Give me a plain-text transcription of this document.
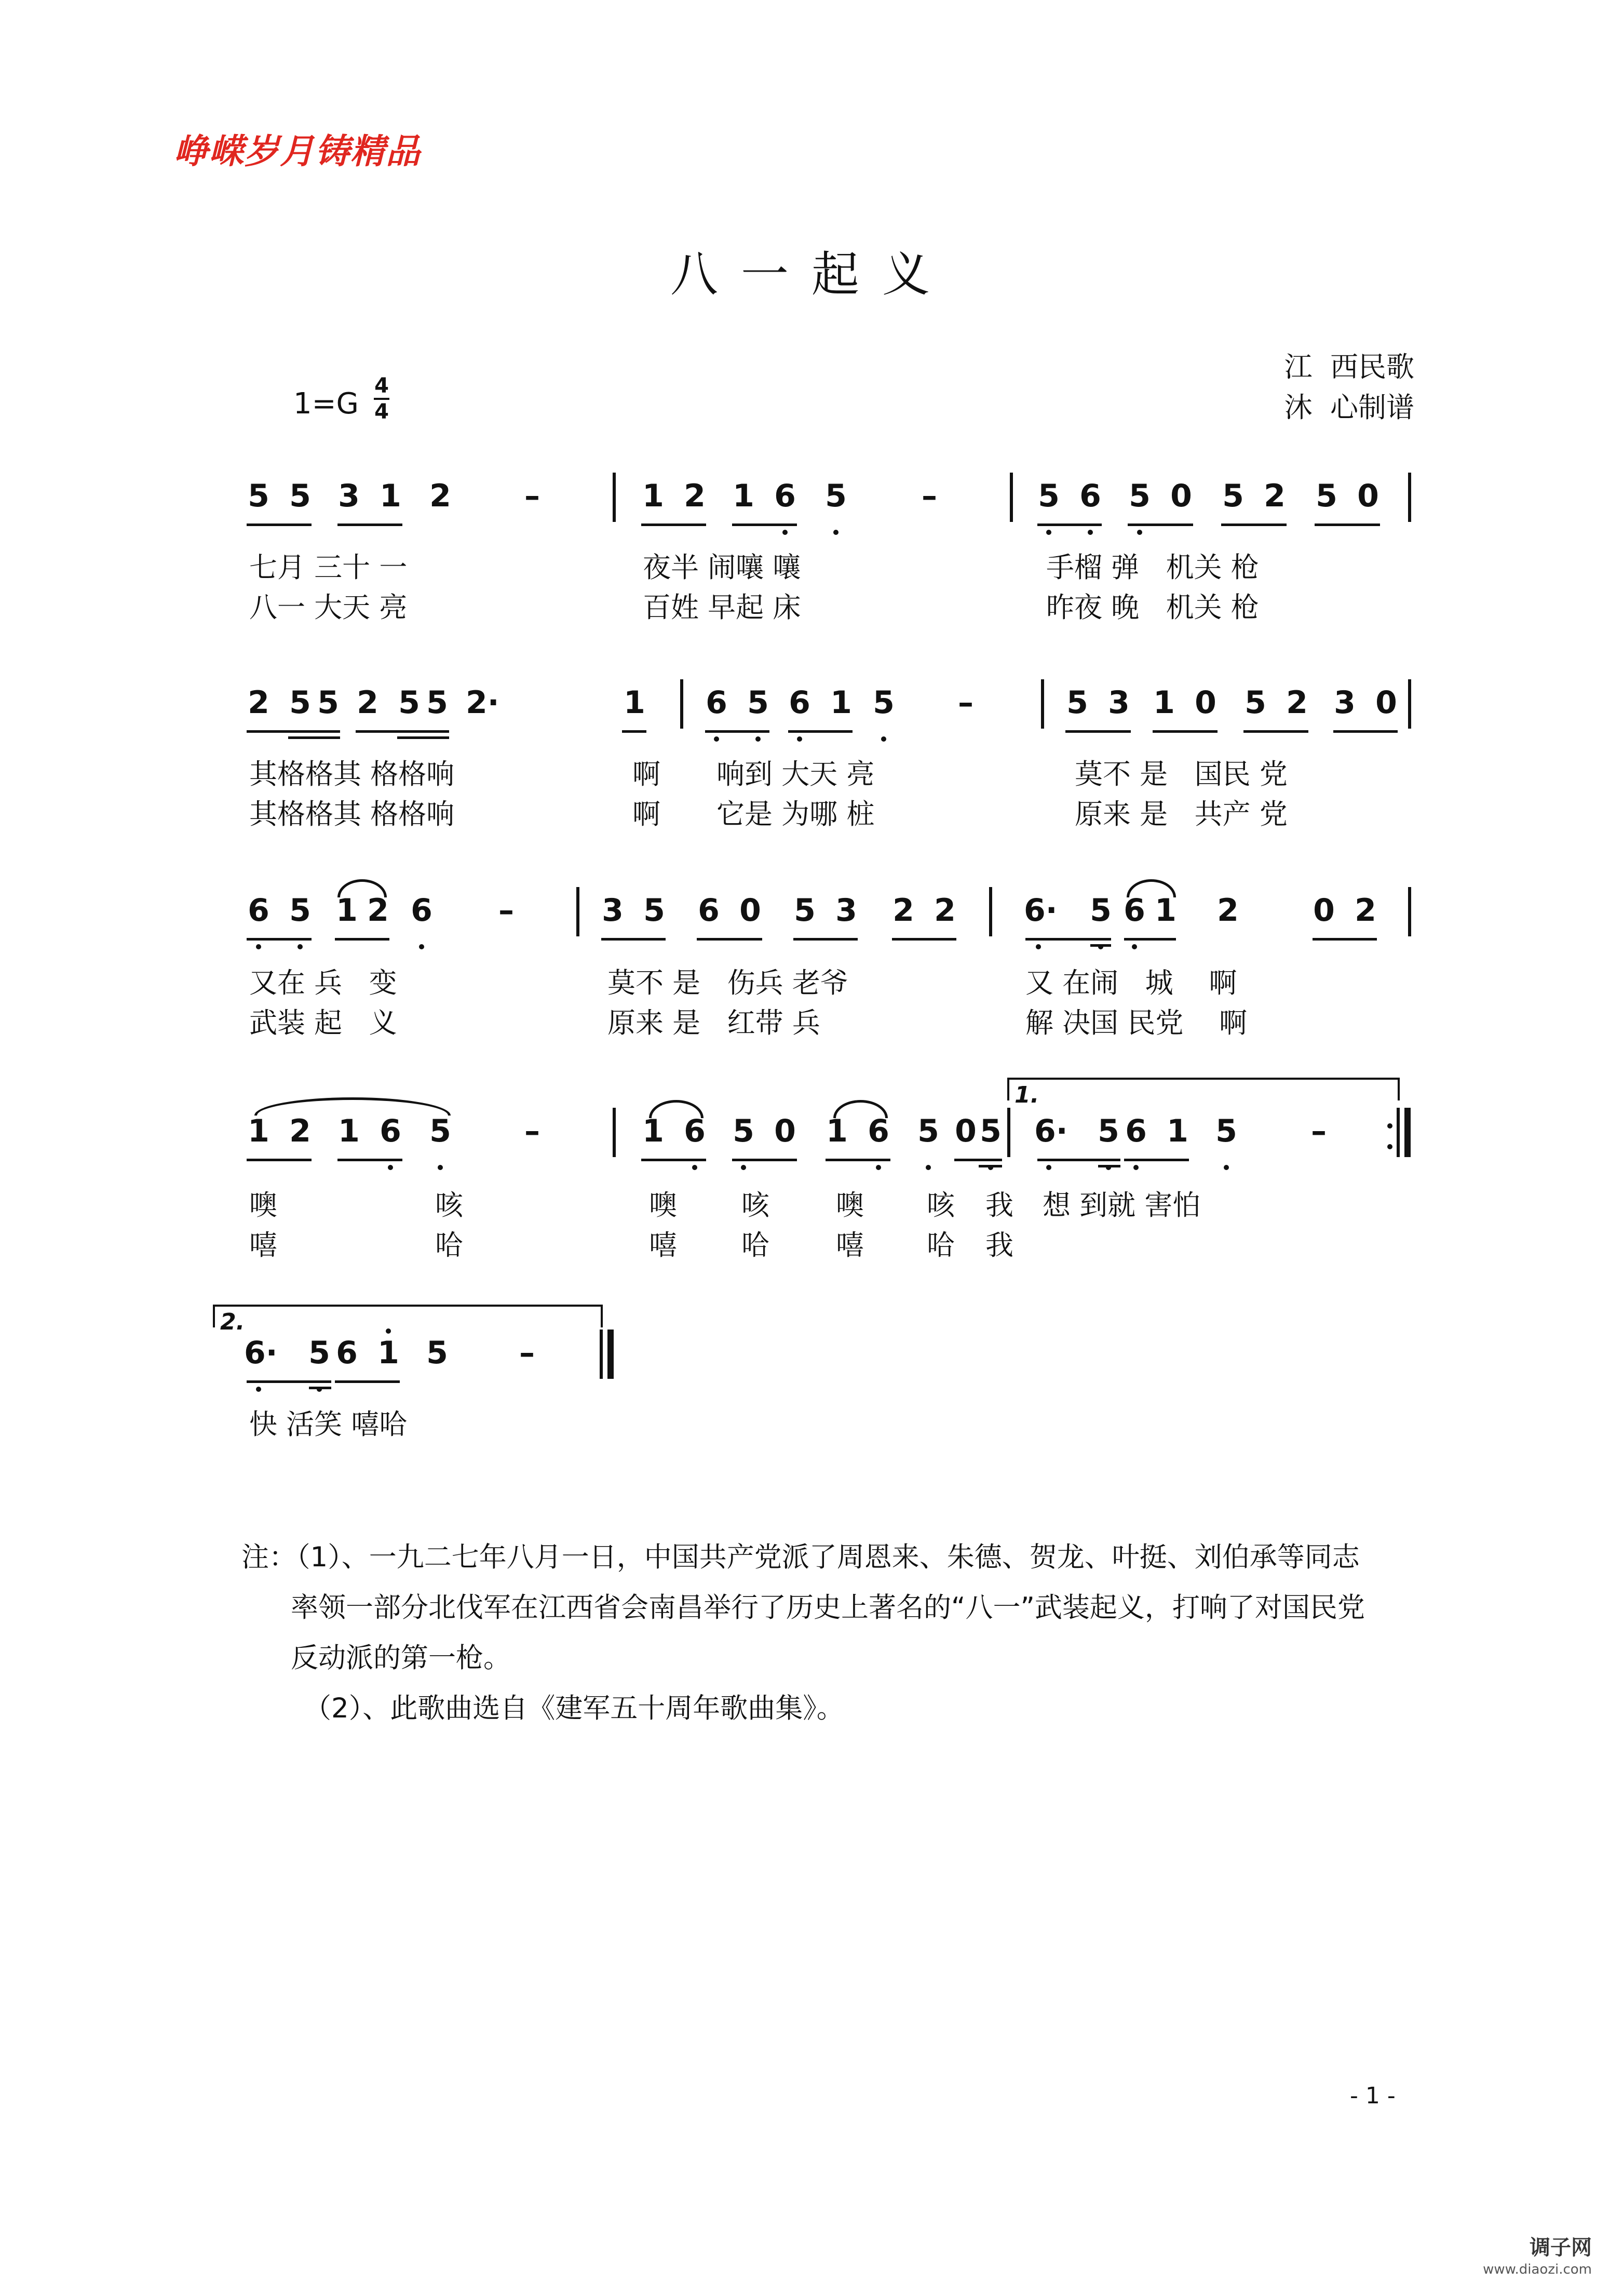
峥嵘岁月铸精品
八一起义
江  西民歌
沐  心制谱
1=G
4
4
5 5 3 1 2 –	1 2 1 6 5 –	5 6 5 0 5 2 5 0
2 5 5 2 5 5 2·	1 6 5 6 1 5 –	5 3 1 0 5 2 3 0
6 5 1 2 6 –	3 5 6 0 5 3 2 2 6· 5 6 1 2 0 2
1 2 1 6 5 –	1 6 5 0 1 6 5 0 5 6· 5 6 1 5 –
6· 5 6 1 5 –
七月 三十 一	夜半 闹嚷 嚷	手榴 弹   机关 枪
八一 大天 亮	百姓 早起 床	昨夜 晚   机关 枪
其格格其 格格响	啊 响到 大天 亮	莫不 是   国民 党
其格格其 格格响	啊 它是 为哪 桩	原来 是   共产 党
又在 兵   变	莫不 是   伤兵 老爷	又 在闹   城    啊
武装 起   义	原来 是   红带 兵	解 决国 民党    啊
噢	咳	噢 咳 噢 咳 我 想 到就 害怕
嘻	哈	嘻 哈 嘻 哈 我
快 活笑 嘻哈
1.
2.
注：（1）、一九二七年八月一日，中国共产党派了周恩来、朱德、贺龙、叶挺、刘伯承等同志
率领一部分北伐军在江西省会南昌举行了历史上著名的“八一”武装起义，打响了对国民党
反动派的第一枪。
（2）、此歌曲选自《建军五十周年歌曲集》。
- 1 -
调子网
www.diaozi.com
